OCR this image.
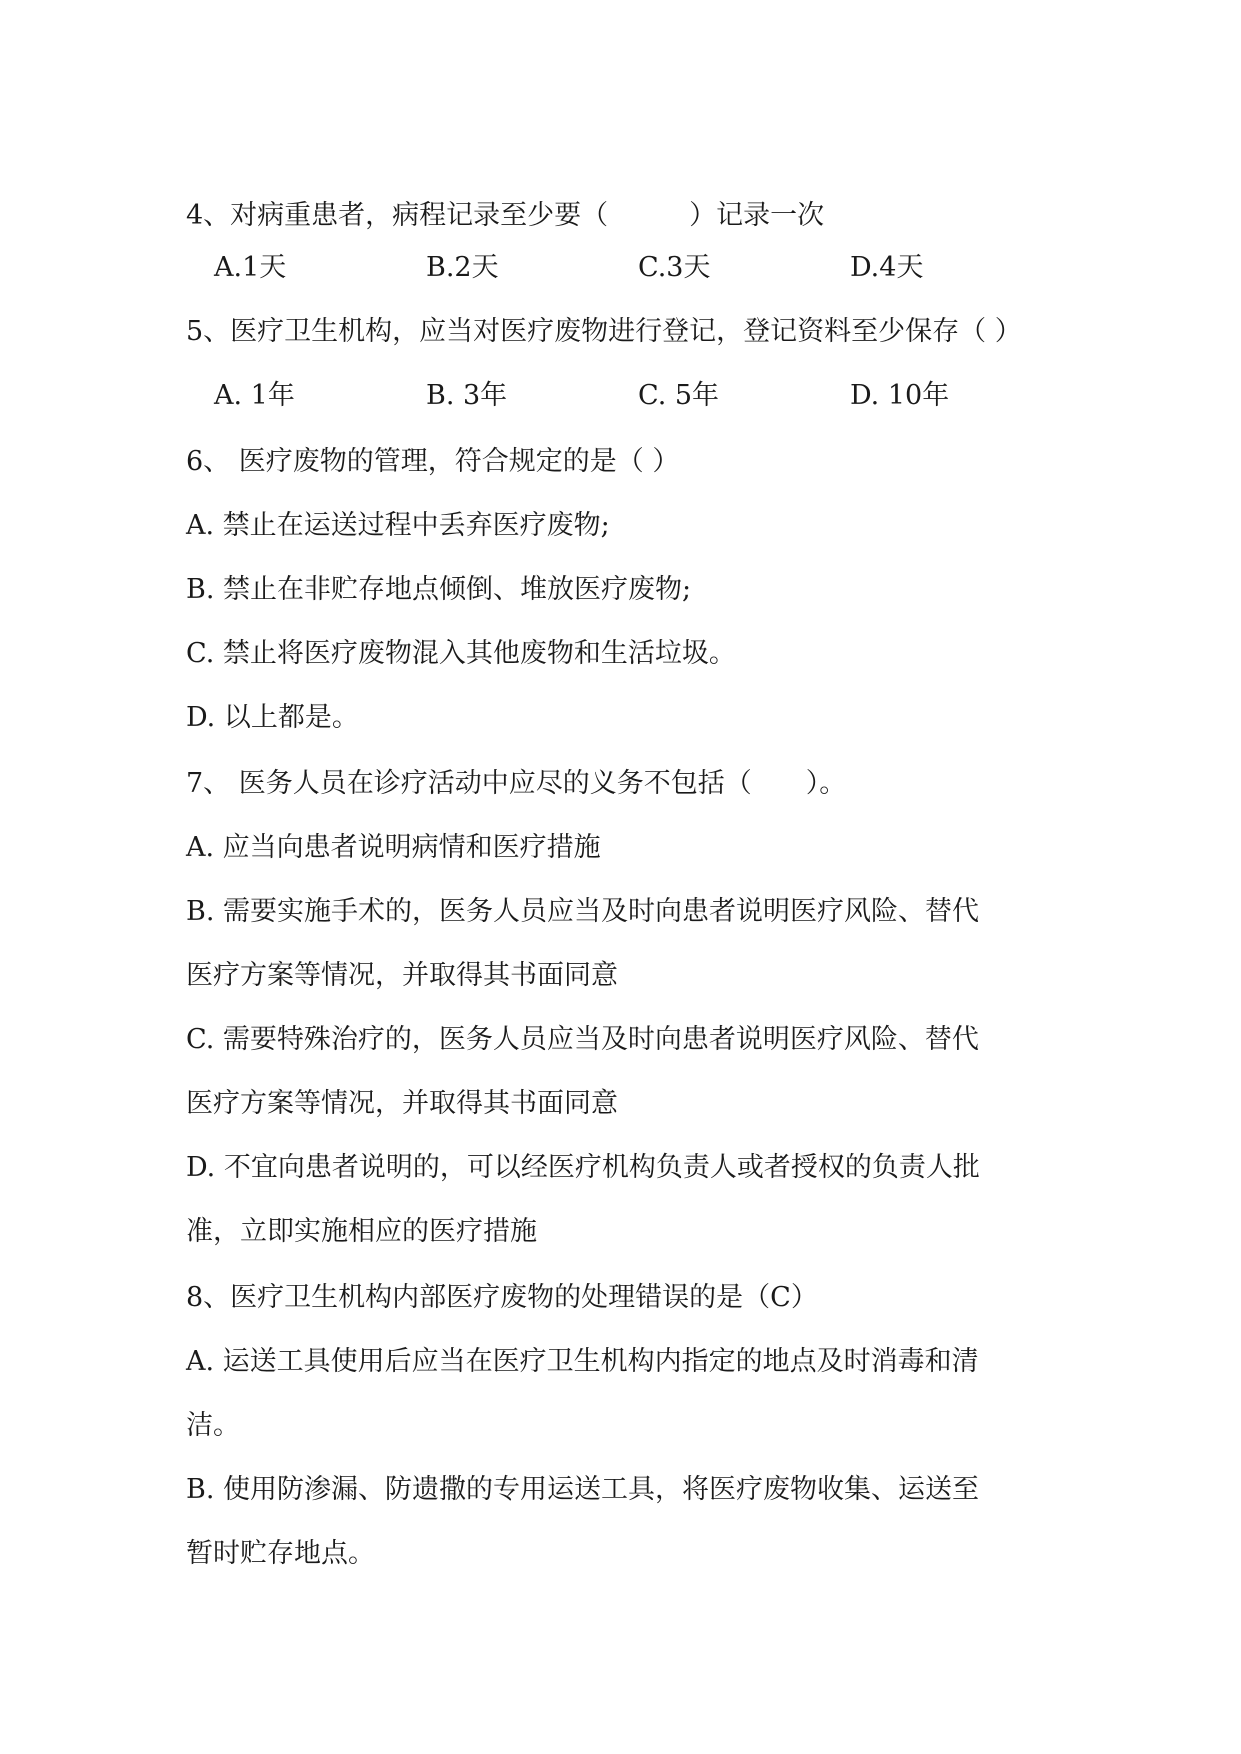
4、对病重患者，病程记录至少要（　　　）记录一次

A.1天	B.2天	C.3天	D.4天

5、医疗卫生机构，应当对医疗废物进行登记，登记资料至少保存（ ）

A. 1年	B. 3年	C. 5年	D. 10年

6、 医疗废物的管理，符合规定的是（ ）

A. 禁止在运送过程中丢弃医疗废物;

B. 禁止在非贮存地点倾倒、堆放医疗废物;

C. 禁止将医疗废物混入其他废物和生活垃圾。

D. 以上都是。

7、 医务人员在诊疗活动中应尽的义务不包括（　　）。

A. 应当向患者说明病情和医疗措施

B. 需要实施手术的，医务人员应当及时向患者说明医疗风险、替代

医疗方案等情况，并取得其书面同意

C. 需要特殊治疗的，医务人员应当及时向患者说明医疗风险、替代

医疗方案等情况，并取得其书面同意

D. 不宜向患者说明的，可以经医疗机构负责人或者授权的负责人批

准，立即实施相应的医疗措施

8、医疗卫生机构内部医疗废物的处理错误的是（C）

A. 运送工具使用后应当在医疗卫生机构内指定的地点及时消毒和清

洁。

B. 使用防渗漏、防遗撒的专用运送工具，将医疗废物收集、运送至

暂时贮存地点。
